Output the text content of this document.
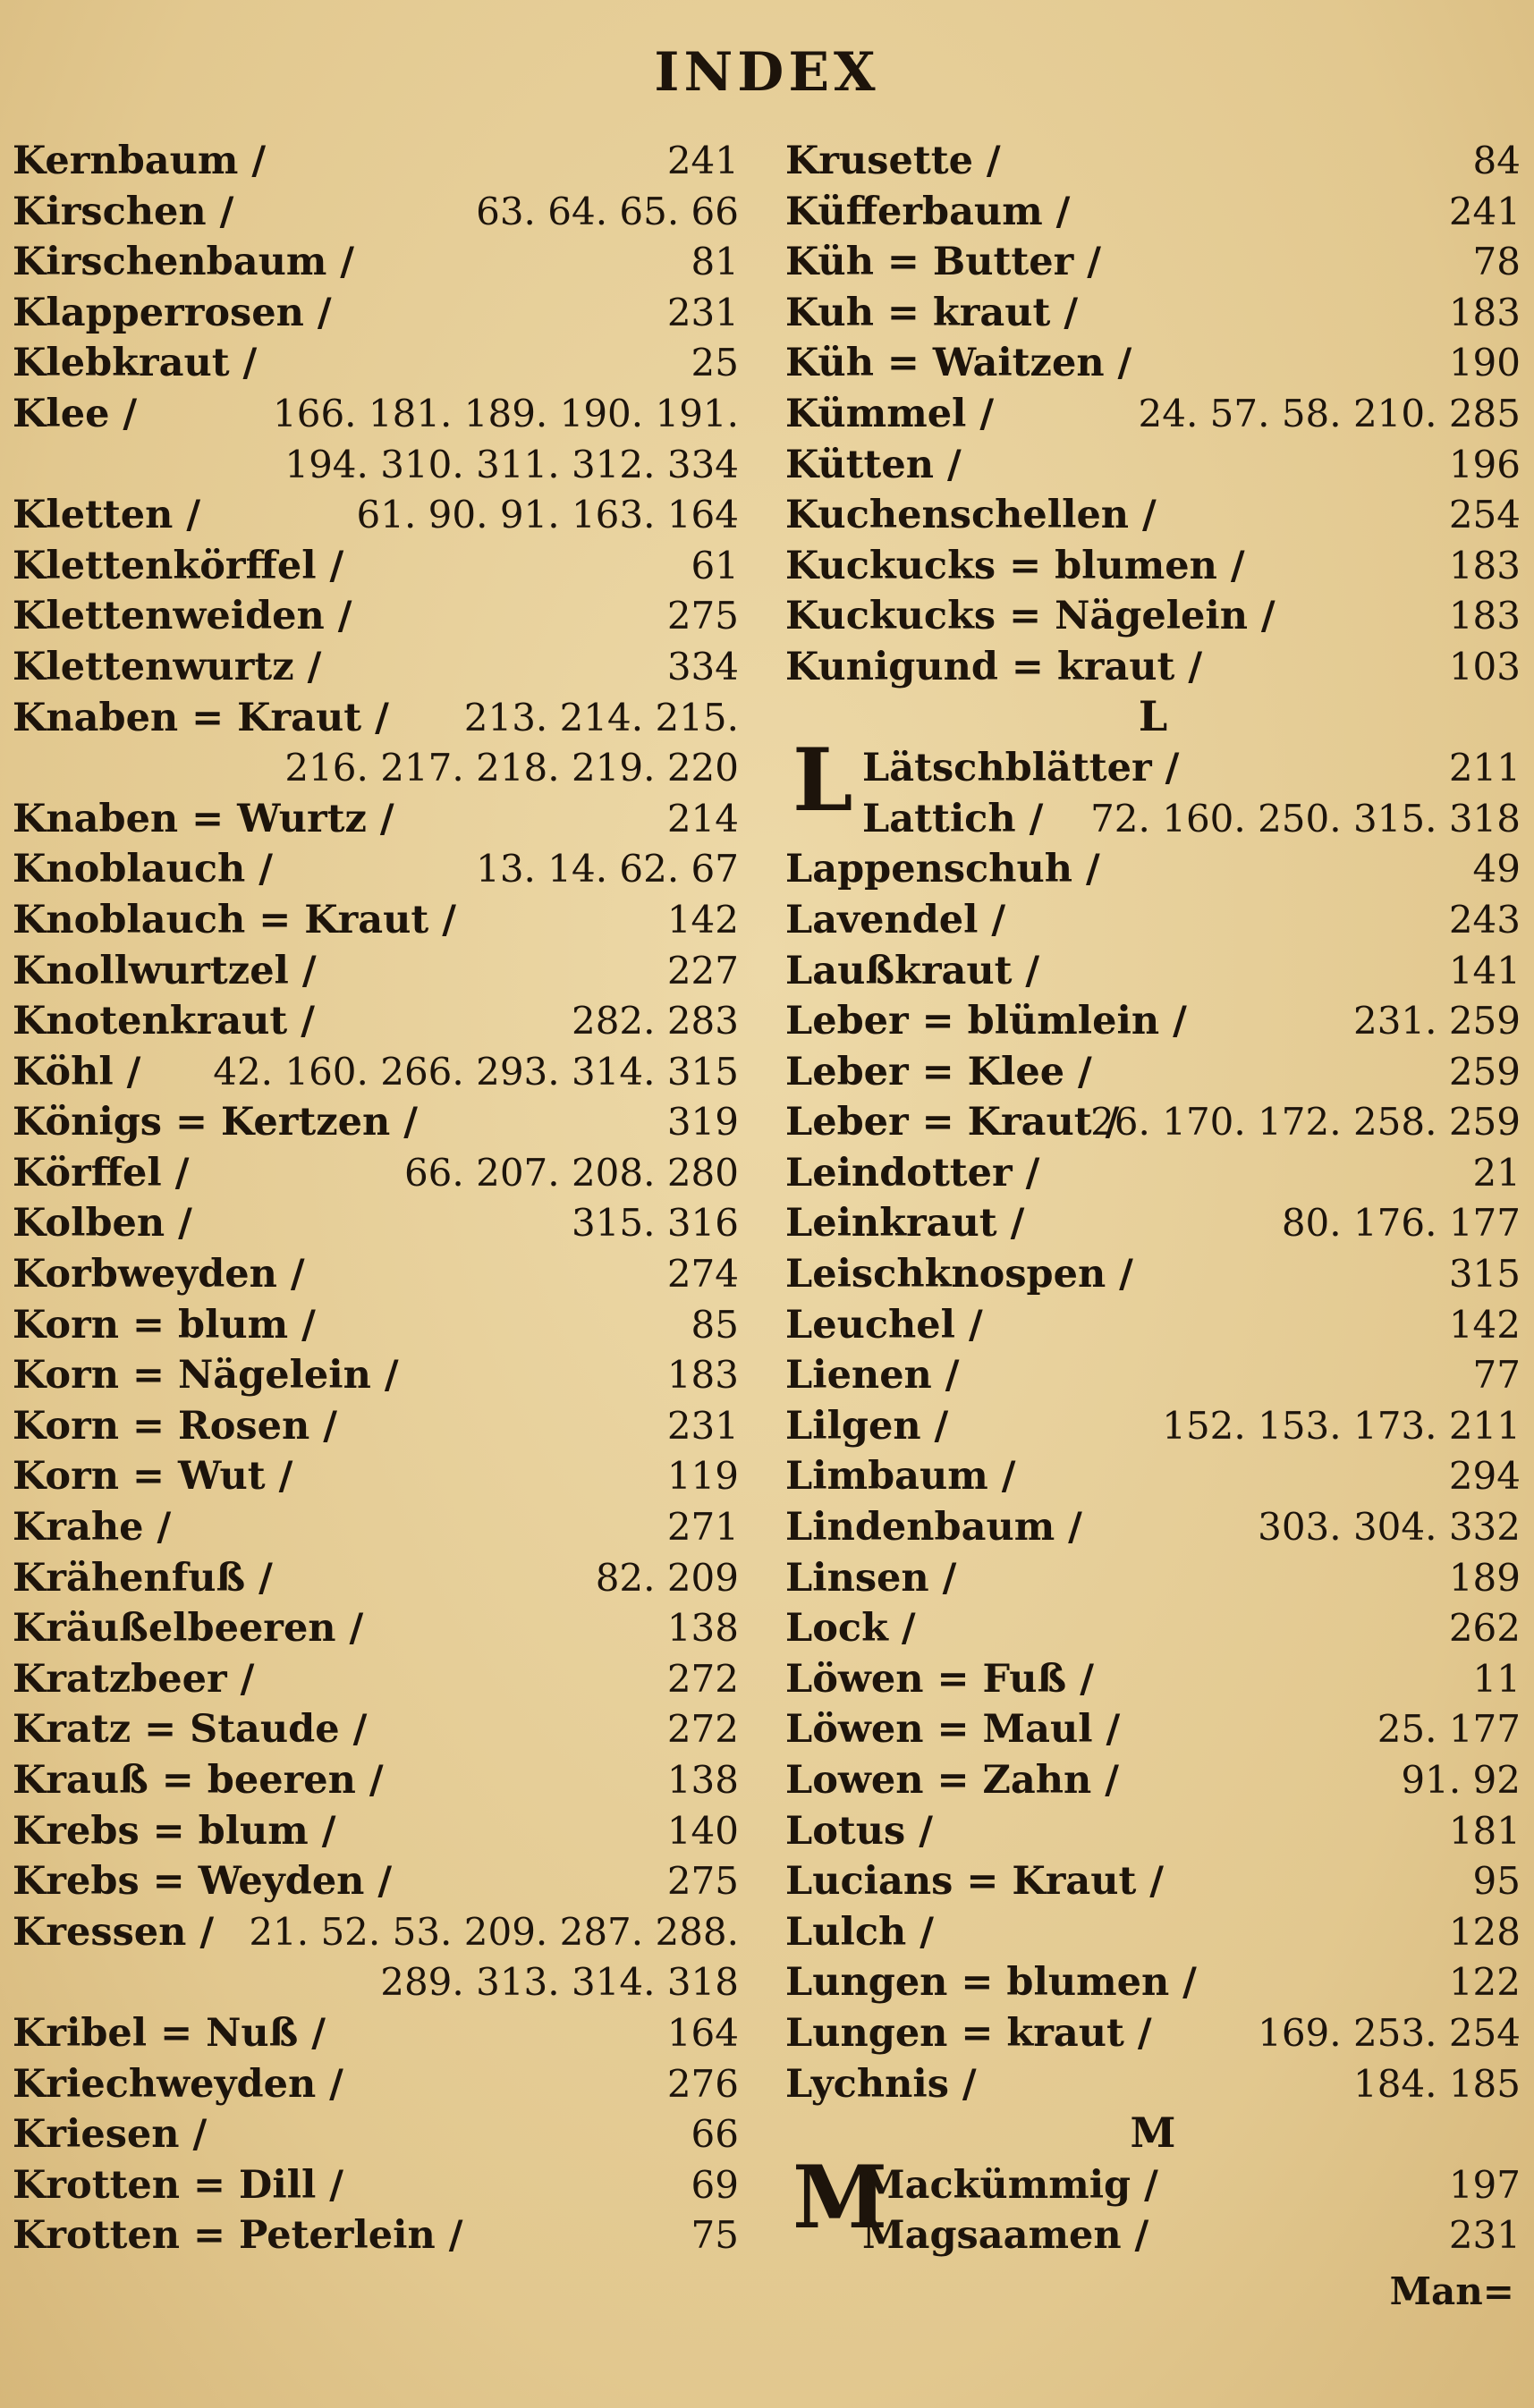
INDEX
Kernbaum /	241
Kirschen /	63. 64. 65. 66
Kirschenbaum /	81
Klapperrosen /	231
Klebkraut /	25
Klee /	166. 181. 189. 190. 191.
194. 310. 311. 312. 334
Kletten /	61. 90. 91. 163. 164
Klettenkörffel /	61
Klettenweiden /	275
Klettenwurtz /	334
Knaben = Kraut / 213. 214. 215.
216. 217. 218. 219. 220
Knaben = Wurtz /	214
Knoblauch /	13. 14. 62. 67
Knoblauch = Kraut /	142
Knollwurtzel /	227
Knotenkraut /	282. 283
Köhl / 42. 160. 266. 293. 314. 315
Königs = Kertzen /	319
Körffel /	66. 207. 208. 280
Kolben /	315. 316
Korbweyden /	274
Korn = blum /	85
Korn = Nägelein /	183
Korn = Rosen /	231
Korn = Wut /	119
Krahe /	271
Krähenfuß /	82. 209
Kräußelbeeren /	138
Kratzbeer /	272
Kratz = Staude /	272
Krauß = beeren /	138
Krebs = blum /	140
Krebs = Weyden /	275
Kressen / 21. 52. 53. 209. 287. 288.
289. 313. 314. 318
Kribel = Nuß /	164
Kriechweyden /	276
Kriesen /	66
Krotten = Dill /	69
Krotten = Peterlein /	75
Krusette /	84
Küfferbaum /	241
Küh = Butter /	78
Kuh = kraut /	183
Küh = Waitzen /	190
Kümmel /	24. 57. 58. 210. 285
Kütten /	196
Kuchenschellen /	254
Kuckucks = blumen /	183
Kuckucks = Nägelein /	183
Kunigund = kraut /	103
L
L Lätschblätter /	211
Lattich / 72. 160. 250. 315. 318
Lappenschuh /	49
Lavendel /	243
Laußkraut /	141
Leber = blümlein /	231. 259
Leber = Klee /	259
Leber = Kraut /
26. 170. 172. 258. 259
Leindotter /	21
Leinkraut /	80. 176. 177
Leischknospen /	315
Leuchel /	142
Lienen /	77
Lilgen /	152. 153. 173. 211
Limbaum /	294
Lindenbaum /	303. 304. 332
Linsen /	189
Lock /	262
Löwen = Fuß /	11
Löwen = Maul /	25. 177
Lowen = Zahn /	91. 92
Lotus /	181
Lucians = Kraut /	95
Lulch /	128
Lungen = blumen /	122
Lungen = kraut /	169. 253. 254
Lychnis /	184. 185
M
M
Mackümmig /	197
Magsaamen /	231
Man=
